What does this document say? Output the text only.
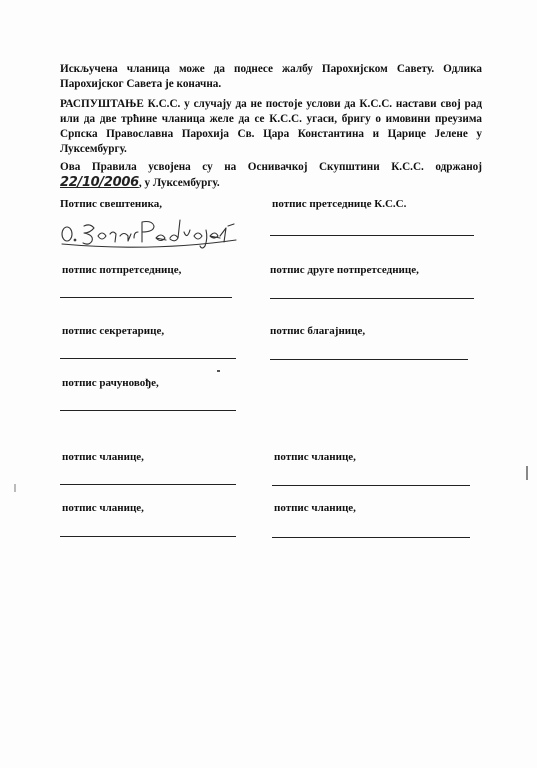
Искључена чланица може да поднесе жалбу Парохијском Савету. Одлика Парохијског Савета је коначна.

РАСПУШТАЊЕ К.С.С. у случају да не постоје услови да К.С.С. настави свој рад или да две трћине чланица желе да се К.С.С. угаси, бригу о имовини преузима Српска Православна Парохија Св. Цара Константина и Царице Јелене у Луксембургу.

Ова Правила усвојена су на Оснивачкој Скупштини К.С.С. одржаној 22/10/2006, у Луксембургу.

Потпис свештеника,	потпис претседнице К.С.С.
потпис потпретседнице,	потпис друге потпретседнице,
потпис секретарице,	потпис благајнице,
потпис рачуновође,
потпис чланице,	потпис чланице,
потпис чланице,	потпис чланице,
